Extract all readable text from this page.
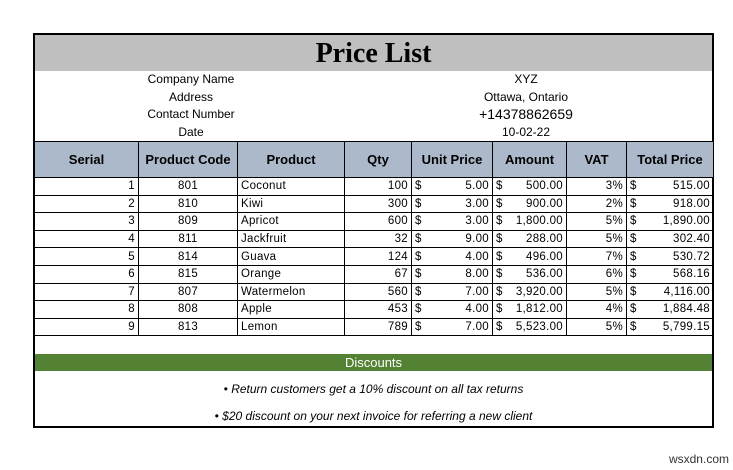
Price List
Company Name	XYZ
Address	Ottawa, Ontario
Contact Number	+14378862659
Date	10-02-22
Serial	Product Code	Product	Qty	Unit Price	Amount	VAT	Total Price
1	801	Coconut	100	$ 5.00	$ 500.00	3%	$ 515.00

2	810	Kiwi	300	$ 3.00	$ 900.00	2%	$ 918.00

3	809	Apricot	600	$ 3.00	$ 1,800.00	5%	$ 1,890.00

4	811	Jackfruit	32	$ 9.00	$ 288.00	5%	$ 302.40

5	814	Guava	124	$ 4.00	$ 496.00	7%	$ 530.72

6	815	Orange	67	$ 8.00	$ 536.00	6%	$ 568.16

7	807	Watermelon	560	$ 7.00	$ 3,920.00	5%	$ 4,116.00

8	808	Apple	453	$ 4.00	$ 1,812.00	4%	$ 1,884.48

9	813	Lemon	789	$ 7.00	$ 5,523.00	5%	$ 5,799.15
Discounts
• Return customers get a 10% discount on all tax returns
• $20 discount on your next invoice for referring a new client
wsxdn.com
